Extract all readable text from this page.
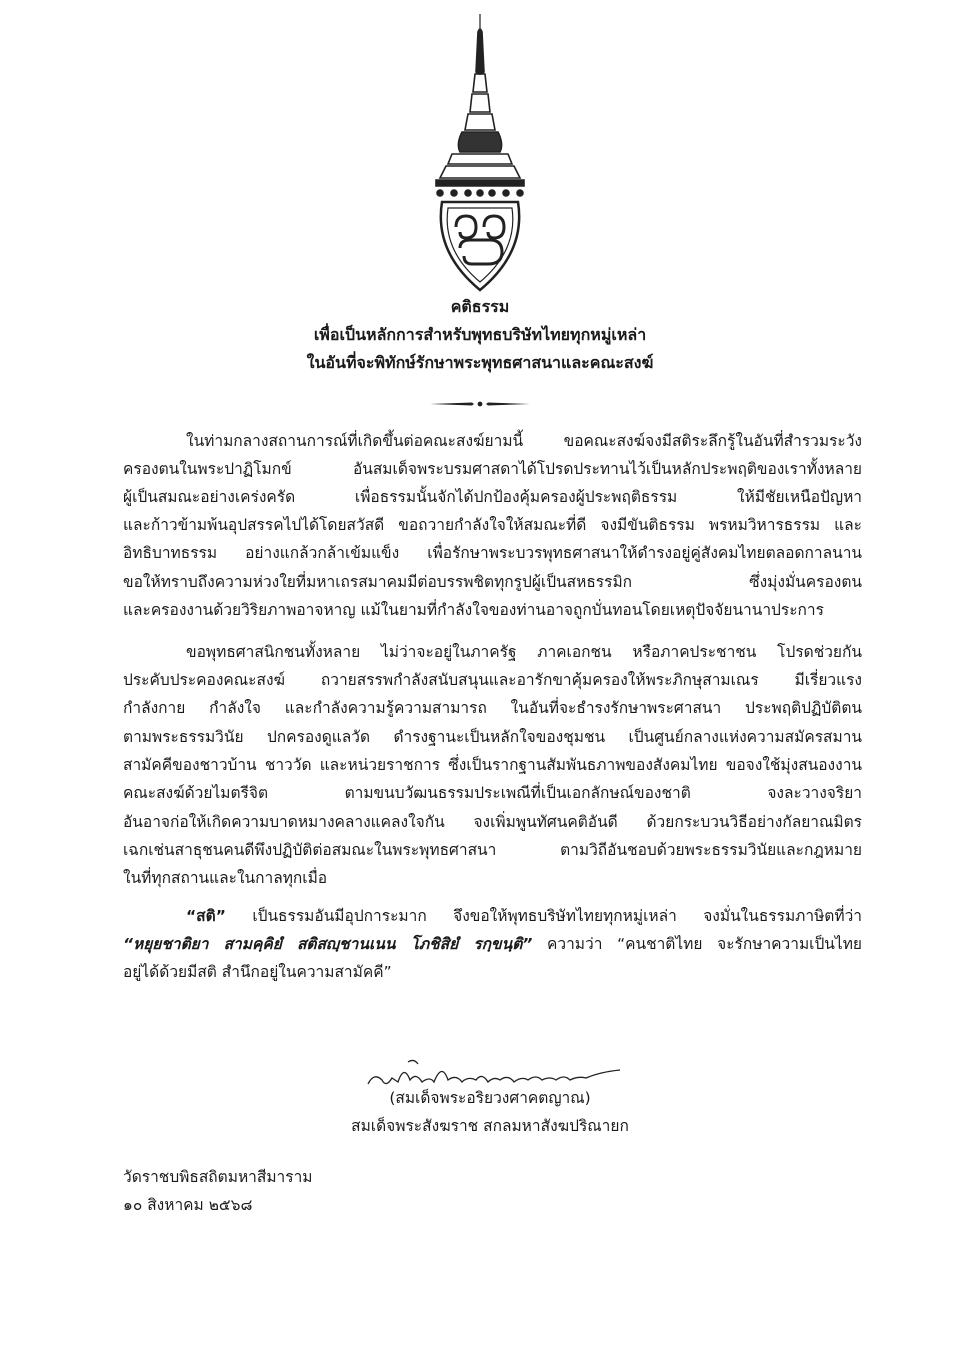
คติธรรม
เพื่อเป็นหลักการสำหรับพุทธบริษัทไทยทุกหมู่เหล่า
ในอันที่จะพิทักษ์รักษาพระพุทธศาสนาและคณะสงฆ์
ในท่ามกลางสถานการณ์ที่เกิดขึ้นต่อคณะสงฆ์ยามนี้ ขอคณะสงฆ์จงมีสติระลึกรู้ในอันที่สำรวมระวัง
ครองตนในพระปาฏิโมกข์ อันสมเด็จพระบรมศาสดาได้โปรดประทานไว้เป็นหลักประพฤติของเราทั้งหลาย
ผู้เป็นสมณะอย่างเคร่งครัด เพื่อธรรมนั้นจักได้ปกป้องคุ้มครองผู้ประพฤติธรรม ให้มีชัยเหนือปัญหา
และก้าวข้ามพ้นอุปสรรคไปได้โดยสวัสดี ขอถวายกำลังใจให้สมณะที่ดี จงมีขันติธรรม พรหมวิหารธรรม และ
อิทธิบาทธรรม อย่างแกล้วกล้าเข้มแข็ง เพื่อรักษาพระบวรพุทธศาสนาให้ดำรงอยู่คู่สังคมไทยตลอดกาลนาน
ขอให้ทราบถึงความห่วงใยที่มหาเถรสมาคมมีต่อบรรพชิตทุกรูปผู้เป็นสหธรรมิก ซึ่งมุ่งมั่นครองตน
และครองงานด้วยวิริยภาพอาจหาญ แม้ในยามที่กำลังใจของท่านอาจถูกบั่นทอนโดยเหตุปัจจัยนานาประการ
ขอพุทธศาสนิกชนทั้งหลาย ไม่ว่าจะอยู่ในภาครัฐ ภาคเอกชน หรือภาคประชาชน โปรดช่วยกัน
ประคับประคองคณะสงฆ์ ถวายสรรพกำลังสนับสนุนและอารักขาคุ้มครองให้พระภิกษุสามเณร มีเรี่ยวแรง
กำลังกาย กำลังใจ และกำลังความรู้ความสามารถ ในอันที่จะธำรงรักษาพระศาสนา ประพฤติปฏิบัติตน
ตามพระธรรมวินัย ปกครองดูแลวัด ดำรงฐานะเป็นหลักใจของชุมชน เป็นศูนย์กลางแห่งความสมัครสมาน
สามัคคีของชาวบ้าน ชาววัด และหน่วยราชการ ซึ่งเป็นรากฐานสัมพันธภาพของสังคมไทย ขอจงใช้มุ่งสนองงาน
คณะสงฆ์ด้วยไมตรีจิต ตามขนบวัฒนธรรมประเพณีที่เป็นเอกลักษณ์ของชาติ จงละวางจริยา
อันอาจก่อให้เกิดความบาดหมางคลางแคลงใจกัน จงเพิ่มพูนทัศนคติอันดี ด้วยกระบวนวิธีอย่างกัลยาณมิตร
เฉกเช่นสาธุชนคนดีพึงปฏิบัติต่อสมณะในพระพุทธศาสนา ตามวิถีอันชอบด้วยพระธรรมวินัยและกฎหมาย
ในที่ทุกสถานและในกาลทุกเมื่อ
“สติ” เป็นธรรมอันมีอุปการะมาก จึงขอให้พุทธบริษัทไทยทุกหมู่เหล่า จงมั่นในธรรมภาษิตที่ว่า
“หยุยชาติยา สามคฺคิยํ สติสญฺชานเนน โภชิสิยํ รกฺขนฺติ” ความว่า “คนชาติไทย จะรักษาความเป็นไทย
อยู่ได้ด้วยมีสติ สำนึกอยู่ในความสามัคคี”
(สมเด็จพระอริยวงศาคตญาณ)
สมเด็จพระสังฆราช สกลมหาสังฆปริณายก
วัดราชบพิธสถิตมหาสีมาราม
๑๐ สิงหาคม ๒๕๖๘
